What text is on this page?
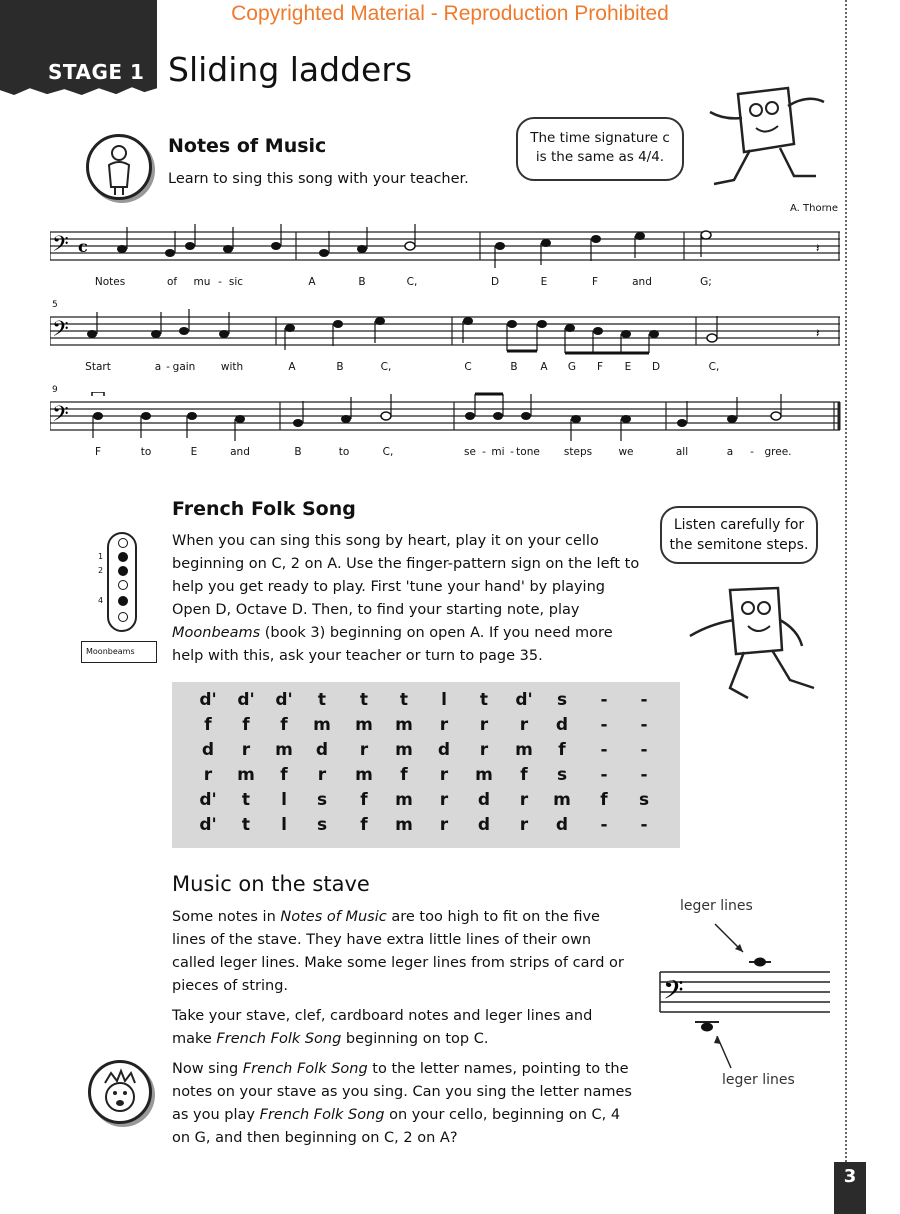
Copyrighted Material - Reproduction Prohibited
STAGE 1 Sliding ladders
3
Notes of Music
Learn to sing this song with your teacher.
The time signature c is the same as 4/4.
A. Thorne
𝄢 c	𝄽
Notes	of mu - sic	A	B	C,	D	E	F	and	G;
5
𝄢	𝄽
Start	a - gain with	A	B	C,	C	B A G F E D	C,
9
𝄢
F	to	E	and	B	to	C,	se - mi - tone steps	we	all	a - gree.
French Folk Song
When you can sing this song by heart, play it on your cello beginning on C, 2 on A. Use the finger-pattern sign on the left to help you get ready to play. First 'tune your hand' by playing Open D, Octave D. Then, to find your starting note, play Moonbeams (book 3) beginning on open A. If you need more help with this, ask your teacher or turn to page 35.
1
2
4
Moonbeams
Listen carefully for the semitone steps.
d'	d'	d'	t	t	t	l	t	d'	s	-	-
f	f	f	m	m	m	r	r	r	d	-	-
d	r	m	d	r	m	d	r	m	f	-	-
r	m	f	r	m	f	r	m	f	s	-	-
d'	t	l	s	f	m	r	d	r	m	f	s
d'	t	l	s	f	m	r	d	r	d	-	-
Music on the stave

Some notes in Notes of Music are too high to fit on the five lines of the stave. They have extra little lines of their own called leger lines. Make some leger lines from strips of card or pieces of string.

Take your stave, clef, cardboard notes and leger lines and make French Folk Song beginning on top C.

Now sing French Folk Song to the letter names, pointing to the notes on your stave as you sing. Can you sing the letter names as you play French Folk Song on your cello, beginning on C, 4 on G, and then beginning on C, 2 on A?

leger lines
leger lines
𝄢
